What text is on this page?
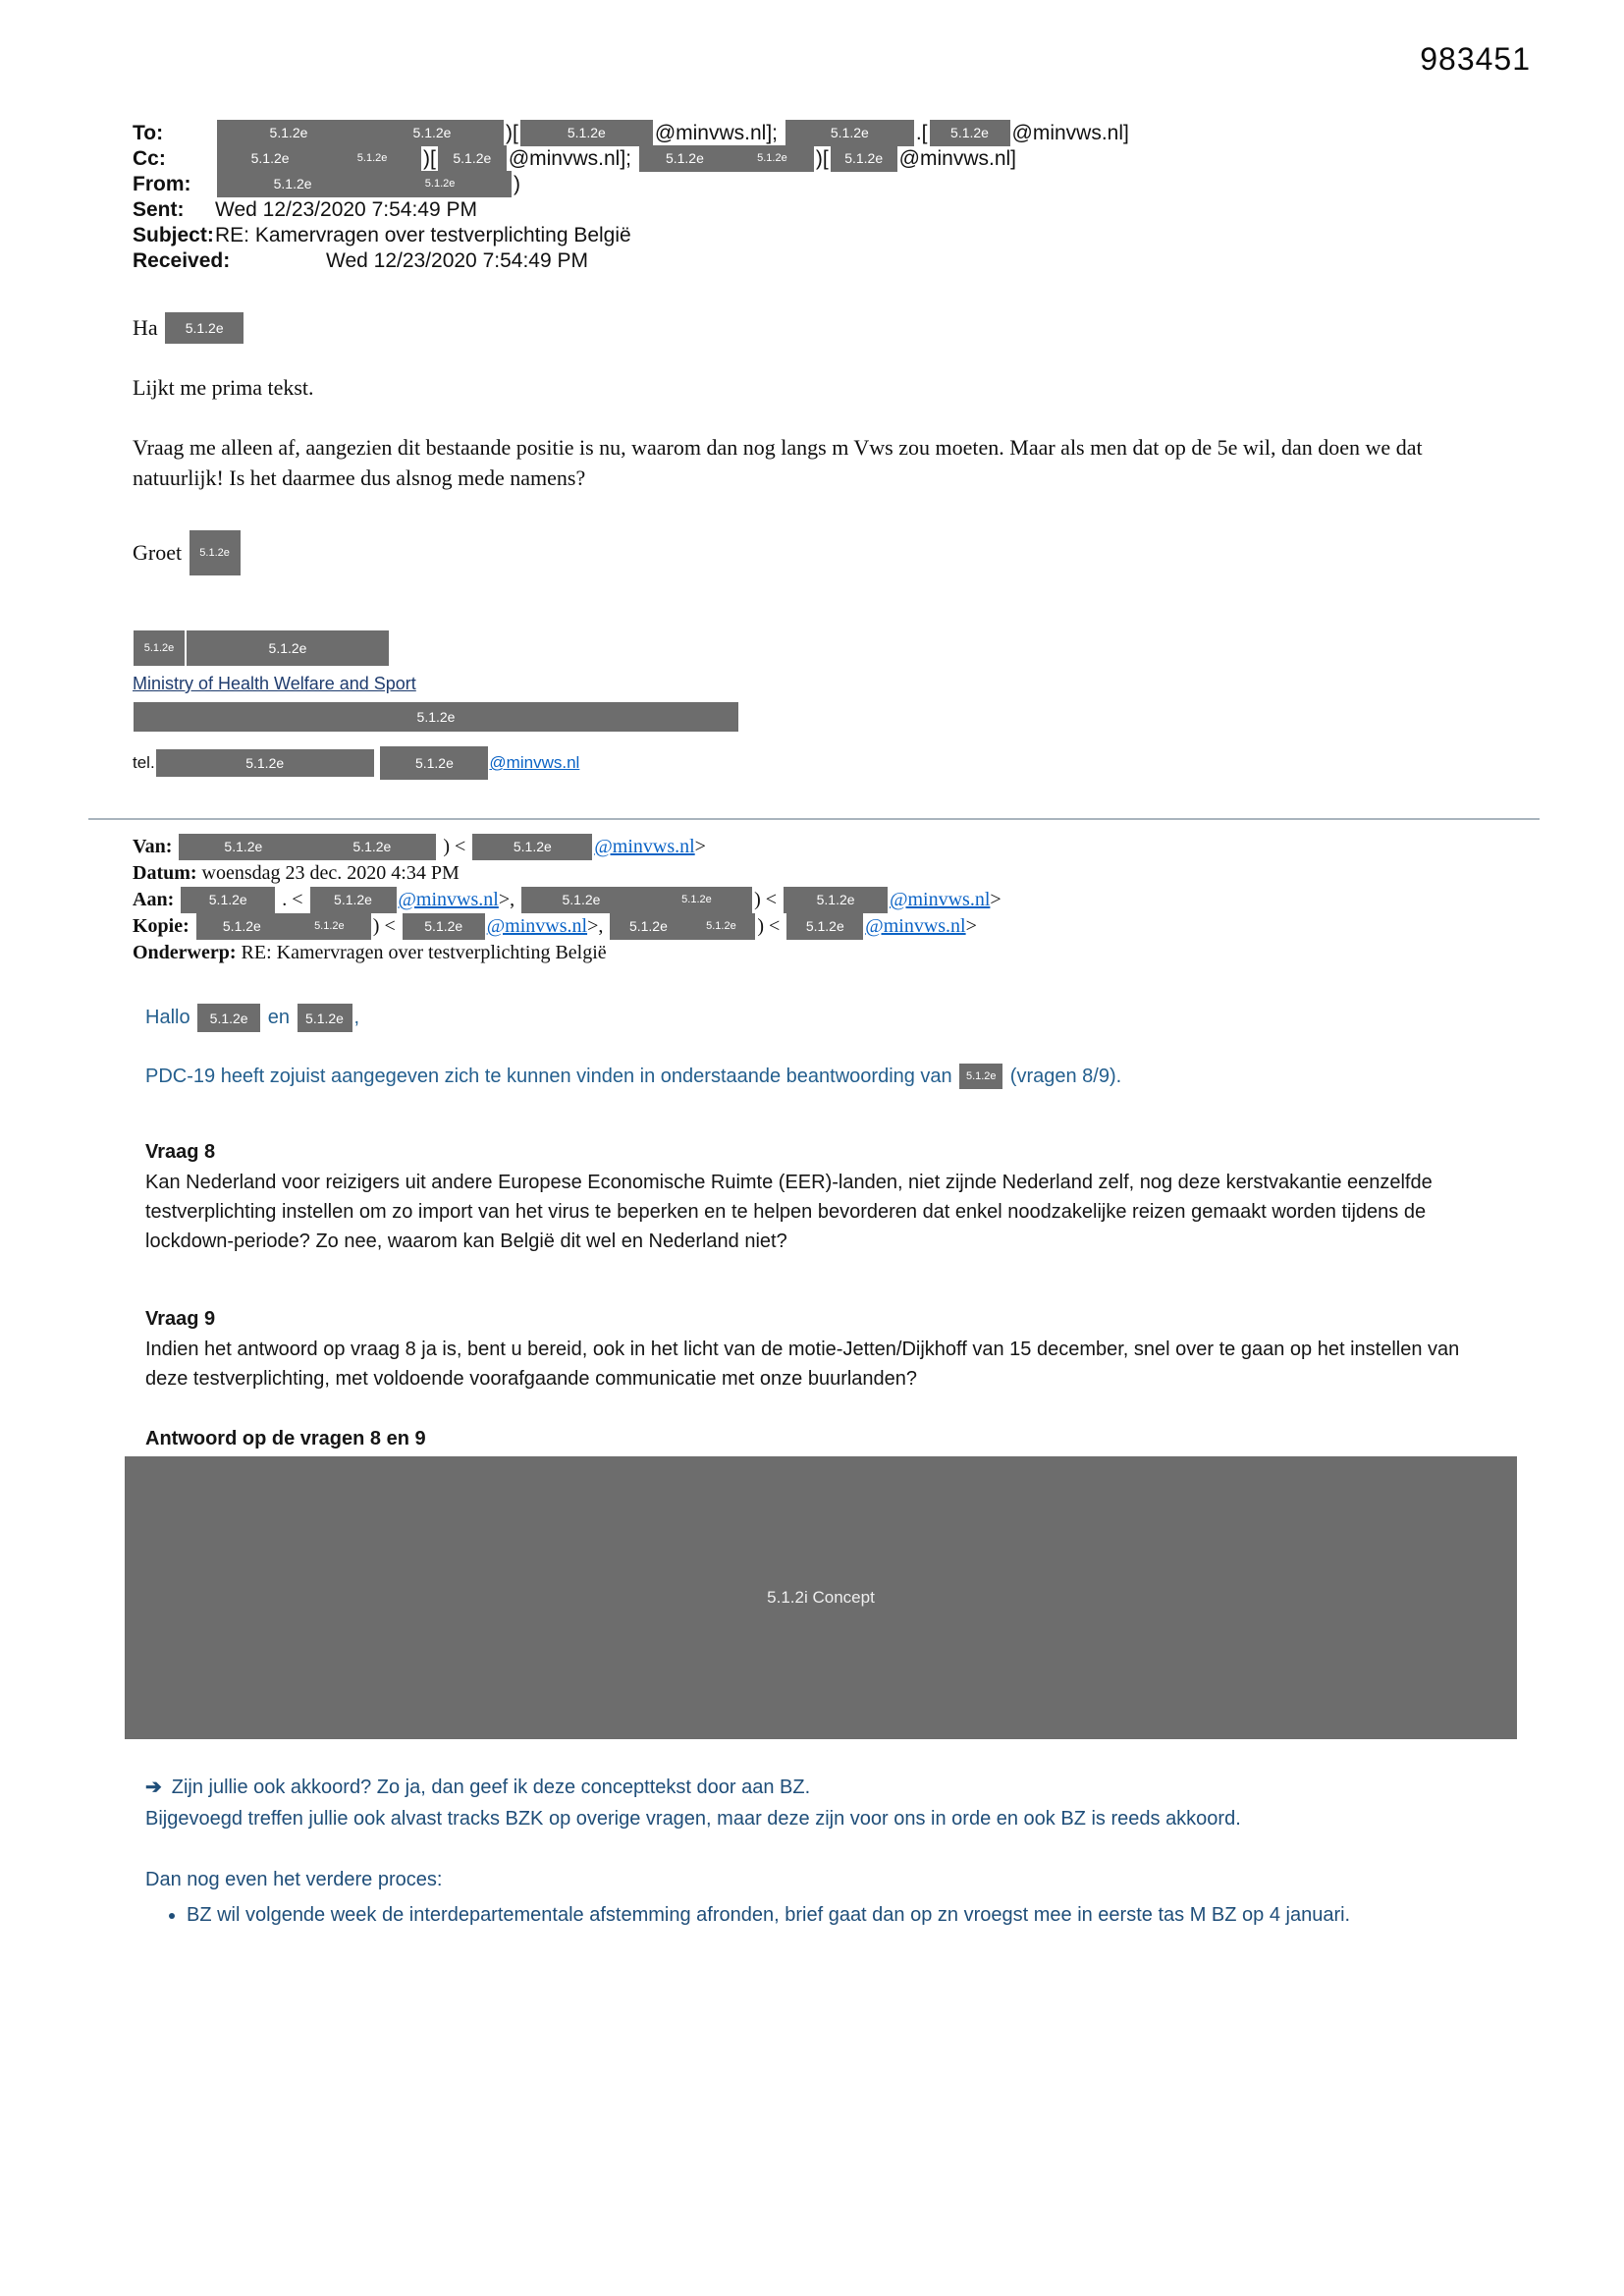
983451
To:	5.1.2e	5.1.2e	)[	5.1.2e @minvws.nl];	5.1.2e .[ 5.1.2e @minvws.nl]
Cc:	5.1.2e	5.1.2e )[ 5.1.2e @minvws.nl]; 5.1.2e	5.1.2e )[ 5.1.2e @minvws.nl]
From:	5.1.2e	5.1.2e	)
Sent:	Wed 12/23/2020 7:54:49 PM
Subject: RE: Kamervragen over testverplichting België
Received:	Wed 12/23/2020 7:54:49 PM
Ha 5.1.2e
Lijkt me prima tekst.
Vraag me alleen af, aangezien dit bestaande positie is nu, waarom dan nog langs m Vws zou moeten. Maar als men dat op de 5e wil, dan doen we dat natuurlijk! Is het daarmee dus alsnog mede namens?
Groet 5.1.2e
5.1.2e	5.1.2e
Ministry of Health Welfare and Sport
5.1.2e
tel.	5.1.2e
	5.1.2e @minvws.nl
Van:	5.1.2e	5.1.2e ) <	5.1.2e @minvws.nl >
Datum: woensdag 23 dec. 2020 4:34 PM
Aan: 5.1.2e . < 5.1.2e @minvws.nl >,	5.1.2e	5.1.2e ) <	5.1.2e @minvws.nl >
Kopie: 5.1.2e	5.1.2e ) < 5.1.2e @minvws.nl >, 5.1.2e	5.1.2e ) < 5.1.2e @minvws.nl >
Onderwerp: RE: Kamervragen over testverplichting België
Hallo 5.1.2e en 5.1.2e ,
PDC-19 heeft zojuist aangegeven zich te kunnen vinden in onderstaande beantwoording van 5.1.2e (vragen 8/9).
Vraag 8
Kan Nederland voor reizigers uit andere Europese Economische Ruimte (EER)-landen, niet zijnde Nederland zelf, nog deze kerstvakantie eenzelfde testverplichting instellen om zo import van het virus te beperken en te helpen bevorderen dat enkel noodzakelijke reizen gemaakt worden tijdens de lockdown-periode? Zo nee, waarom kan België dit wel en Nederland niet?
Vraag 9
Indien het antwoord op vraag 8 ja is, bent u bereid, ook in het licht van de motie-Jetten/Dijkhoff van 15 december, snel over te gaan op het instellen van deze testverplichting, met voldoende voorafgaande communicatie met onze buurlanden?
Antwoord op de vragen 8 en 9
5.1.2i Concept
➔ Zijn jullie ook akkoord? Zo ja, dan geef ik deze concepttekst door aan BZ.
Bijgevoegd treffen jullie ook alvast tracks BZK op overige vragen, maar deze zijn voor ons in orde en ook BZ is reeds akkoord.
Dan nog even het verdere proces:
• BZ wil volgende week de interdepartementale afstemming afronden, brief gaat dan op zn vroegst mee in eerste tas M BZ op 4 januari.
